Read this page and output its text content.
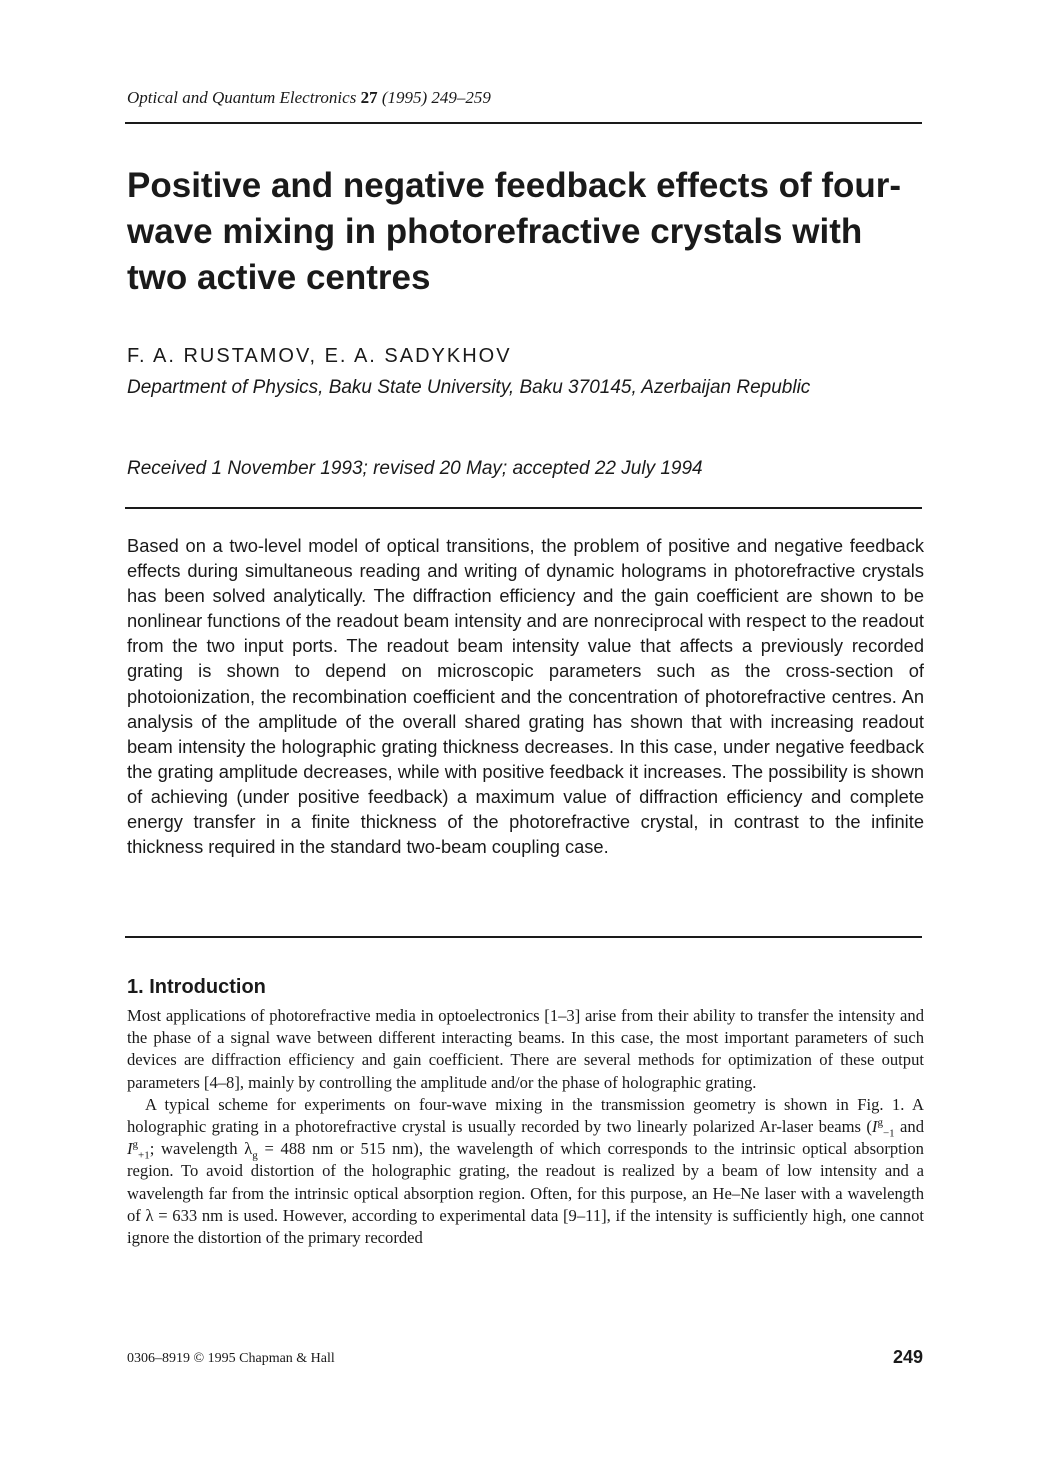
Optical and Quantum Electronics 27 (1995) 249–259
Positive and negative feedback effects of four-wave mixing in photorefractive crystals with two active centres
F. A. RUSTAMOV, E. A. SADYKHOV
Department of Physics, Baku State University, Baku 370145, Azerbaijan Republic
Received 1 November 1993; revised 20 May; accepted 22 July 1994

Based on a two-level model of optical transitions, the problem of positive and negative feedback effects during simultaneous reading and writing of dynamic holograms in photorefractive crystals has been solved analytically. The diffraction efficiency and the gain coefficient are shown to be nonlinear functions of the readout beam intensity and are nonreciprocal with respect to the readout from the two input ports. The readout beam intensity value that affects a previously recorded grating is shown to depend on microscopic parameters such as the cross-section of photoionization, the recombination coefficient and the concentration of photorefractive centres. An analysis of the amplitude of the overall shared grating has shown that with increasing readout beam intensity the holographic grating thickness decreases. In this case, under negative feedback the grating amplitude decreases, while with positive feedback it increases. The possibility is shown of achieving (under positive feedback) a maximum value of diffraction efficiency and complete energy transfer in a finite thickness of the photorefractive crystal, in contrast to the infinite thickness required in the standard two-beam coupling case.

1. Introduction

Most applications of photorefractive media in optoelectronics [1–3] arise from their ability to transfer the intensity and the phase of a signal wave between different interacting beams. In this case, the most important parameters of such devices are diffraction efficiency and gain coefficient. There are several methods for optimization of these output parameters [4–8], mainly by controlling the amplitude and/or the phase of holographic grating.

A typical scheme for experiments on four-wave mixing in the transmission geometry is shown in Fig. 1. A holographic grating in a photorefractive crystal is usually recorded by two linearly polarized Ar-laser beams ($I^g_{-1}$ and $I^g_{+1}$; wavelength $\lambda_g = 488$ nm or 515 nm), the wavelength of which corresponds to the intrinsic optical absorption region. To avoid distortion of the holographic grating, the readout is realized by a beam of low intensity and a wavelength far from the intrinsic optical absorption region. Often, for this purpose, an He–Ne laser with a wavelength of λ = 633 nm is used. However, according to experimental data [9–11], if the intensity is sufficiently high, one cannot ignore the distortion of the primary recorded

0306–8919 © 1995 Chapman & Hall	249
